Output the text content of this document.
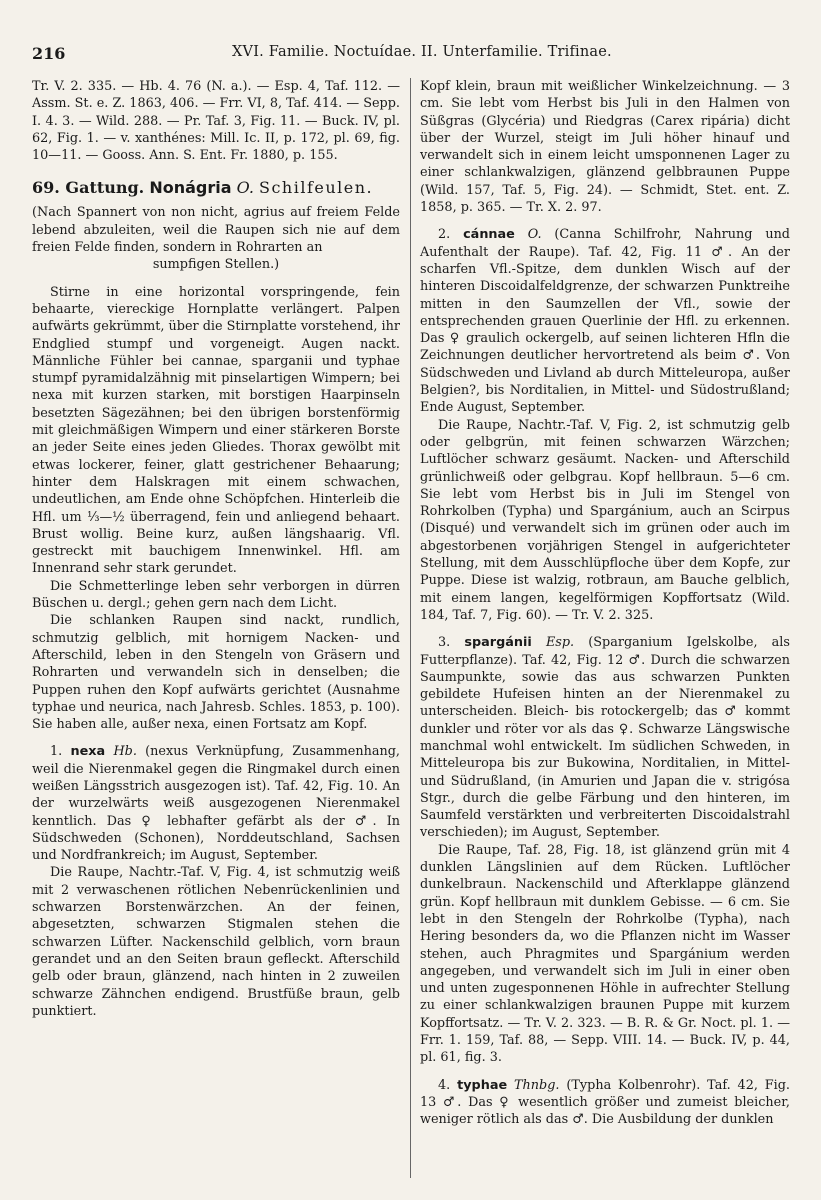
216	XVI. Familie. Noctuídae. II. Unterfamilie. Trifinae.

Tr. V. 2. 335. — Hb. 4. 76 (N. a.). — Esp. 4, Taf. 112. — Assm. St. e. Z. 1863, 406. — Frr. VI, 8, Taf. 414. — Sepp. I. 4. 3. — Wild. 288. — Pr. Taf. 3, Fig. 11. — Buck. IV, pl. 62, Fig. 1. — v. xanthénes: Mill. Ic. II, p. 172, pl. 69, fig. 10—11. — Gooss. Ann. S. Ent. Fr. 1880, p. 155.

69. Gattung. Nonágria O. Schilfeulen.

(Nach Spannert von non nicht, agrius auf freiem Felde lebend abzuleiten, weil die Raupen sich nie auf dem freien Felde finden, sondern in Rohrarten an

sumpfigen Stellen.)

Stirne in eine horizontal vorspringende, fein behaarte, viereckige Hornplatte verlängert. Palpen aufwärts gekrümmt, über die Stirnplatte vorstehend, ihr Endglied stumpf und vorgeneigt. Augen nackt. Männliche Fühler bei cannae, sparganii und typhae stumpf pyramidalzähnig mit pinselartigen Wimpern; bei nexa mit kurzen starken, mit borstigen Haarpinseln besetzten Sägezähnen; bei den übrigen borstenförmig mit gleichmäßigen Wimpern und einer stärkeren Borste an jeder Seite eines jeden Gliedes. Thorax gewölbt mit etwas lockerer, feiner, glatt gestrichener Behaarung; hinter dem Halskragen mit einem schwachen, undeutlichen, am Ende ohne Schöpfchen. Hinterleib die Hfl. um ⅓—½ überragend, fein und anliegend behaart. Brust wollig. Beine kurz, außen längshaarig. Vfl. gestreckt mit bauchigem Innenwinkel. Hfl. am Innenrand sehr stark gerundet.

Die Schmetterlinge leben sehr verborgen in dürren Büschen u. dergl.; gehen gern nach dem Licht.

Die schlanken Raupen sind nackt, rundlich, schmutzig gelblich, mit hornigem Nacken- und Afterschild, leben in den Stengeln von Gräsern und Rohrarten und verwandeln sich in denselben; die Puppen ruhen den Kopf aufwärts gerichtet (Ausnahme typhae und neurica, nach Jahresb. Schles. 1853, p. 100). Sie haben alle, außer nexa, einen Fortsatz am Kopf.

1. nexa Hb. (nexus Verknüpfung, Zusammenhang, weil die Nierenmakel gegen die Ringmakel durch einen weißen Längsstrich ausgezogen ist). Taf. 42, Fig. 10. An der wurzelwärts weiß ausgezogenen Nierenmakel kenntlich. Das ♀ lebhafter gefärbt als der ♂. In Südschweden (Schonen), Norddeutschland, Sachsen und Nordfrankreich; im August, September.

Die Raupe, Nachtr.-Taf. V, Fig. 4, ist schmutzig weiß mit 2 verwaschenen rötlichen Nebenrückenlinien und schwarzen Borstenwärzchen. An der feinen, abgesetzten, schwarzen Stigmalen stehen die schwarzen Lüfter. Nackenschild gelblich, vorn braun gerandet und an den Seiten braun gefleckt. Afterschild gelb oder braun, glänzend, nach hinten in 2 zuweilen schwarze Zähnchen endigend. Brustfüße braun, gelb punktiert.

Kopf klein, braun mit weißlicher Winkelzeichnung. — 3 cm. Sie lebt vom Herbst bis Juli in den Halmen von Süßgras (Glycéria) und Riedgras (Carex ripária) dicht über der Wurzel, steigt im Juli höher hinauf und verwandelt sich in einem leicht umsponnenen Lager zu einer schlankwalzigen, glänzend gelbbraunen Puppe (Wild. 157, Taf. 5, Fig. 24). — Schmidt, Stet. ent. Z. 1858, p. 365. — Tr. X. 2. 97.

2. cánnae O. (Canna Schilfrohr, Nahrung und Aufenthalt der Raupe). Taf. 42, Fig. 11 ♂. An der scharfen Vfl.-Spitze, dem dunklen Wisch auf der hinteren Discoidalfeldgrenze, der schwarzen Punktreihe mitten in den Saumzellen der Vfl., sowie der entsprechenden grauen Querlinie der Hfl. zu erkennen. Das ♀ graulich ockergelb, auf seinen lichteren Hfln die Zeichnungen deutlicher hervortretend als beim ♂. Von Südschweden und Livland ab durch Mitteleuropa, außer Belgien?, bis Norditalien, in Mittel- und Südostrußland; Ende August, September.

Die Raupe, Nachtr.-Taf. V, Fig. 2, ist schmutzig gelb oder gelbgrün, mit feinen schwarzen Wärzchen; Luftlöcher schwarz gesäumt. Nacken- und Afterschild grünlichweiß oder gelbgrau. Kopf hellbraun. 5—6 cm. Sie lebt vom Herbst bis in Juli im Stengel von Rohrkolben (Typha) und Spargánium, auch an Scirpus (Disqué) und verwandelt sich im grünen oder auch im abgestorbenen vorjährigen Stengel in aufgerichteter Stellung, mit dem Ausschlüpfloche über dem Kopfe, zur Puppe. Diese ist walzig, rotbraun, am Bauche gelblich, mit einem langen, kegelförmigen Kopffortsatz (Wild. 184, Taf. 7, Fig. 60). — Tr. V. 2. 325.

3. spargánii Esp. (Sparganium Igelskolbe, als Futterpflanze). Taf. 42, Fig. 12 ♂. Durch die schwarzen Saumpunkte, sowie das aus schwarzen Punkten gebildete Hufeisen hinten an der Nierenmakel zu unterscheiden. Bleich- bis rotockergelb; das ♂ kommt dunkler und röter vor als das ♀. Schwarze Längswische manchmal wohl entwickelt. Im südlichen Schweden, in Mitteleuropa bis zur Bukowina, Norditalien, in Mittel- und Südrußland, (in Amurien und Japan die v. strigósa Stgr., durch die gelbe Färbung und den hinteren, im Saumfeld verstärkten und verbreiterten Discoidalstrahl verschieden); im August, September.

Die Raupe, Taf. 28, Fig. 18, ist glänzend grün mit 4 dunklen Längslinien auf dem Rücken. Luftlöcher dunkelbraun. Nackenschild und Afterklappe glänzend grün. Kopf hellbraun mit dunklem Gebisse. — 6 cm. Sie lebt in den Stengeln der Rohrkolbe (Typha), nach Hering besonders da, wo die Pflanzen nicht im Wasser stehen, auch Phragmites und Spargánium werden angegeben, und verwandelt sich im Juli in einer oben und unten zugesponnenen Höhle in aufrechter Stellung zu einer schlankwalzigen braunen Puppe mit kurzem Kopffortsatz. — Tr. V. 2. 323. — B. R. & Gr. Noct. pl. 1. — Frr. 1. 159, Taf. 88, — Sepp. VIII. 14. — Buck. IV, p. 44, pl. 61, fig. 3.

4. typhae Thnbg. (Typha Kolbenrohr). Taf. 42, Fig. 13 ♂. Das ♀ wesentlich größer und zumeist bleicher, weniger rötlich als das ♂. Die Ausbildung der dunklen
